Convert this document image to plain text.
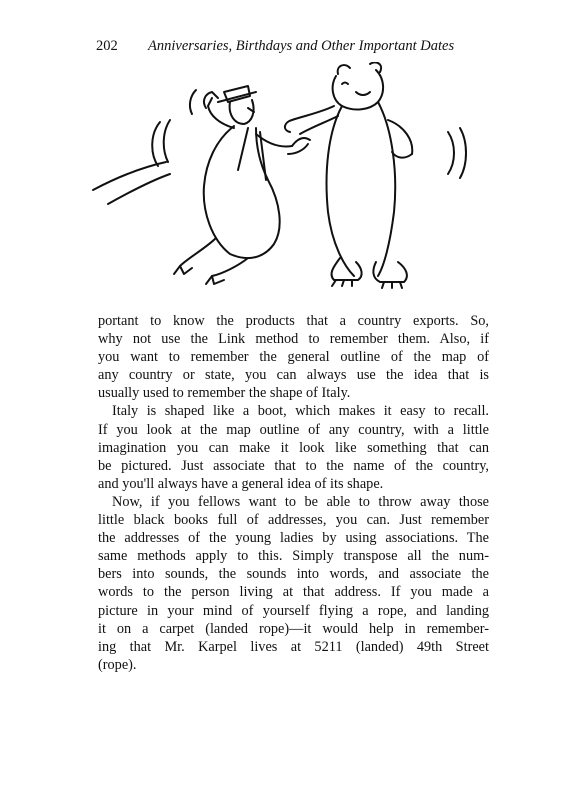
202 Anniversaries, Birthdays and Other Important Dates

portant to know the products that a country exports. So,
why not use the Link method to remember them. Also, if
you want to remember the general outline of the map of
any country or state, you can always use the idea that is
usually used to remember the shape of Italy.

Italy is shaped like a boot, which makes it easy to recall.
If you look at the map outline of any country, with a little
imagination you can make it look like something that can
be pictured. Just associate that to the name of the country,
and you'll always have a general idea of its shape.

Now, if you fellows want to be able to throw away those
little black books full of addresses, you can. Just remember
the addresses of the young ladies by using associations. The
same methods apply to this. Simply transpose all the num-
bers into sounds, the sounds into words, and associate the
words to the person living at that address. If you made a
picture in your mind of yourself flying a rope, and landing
it on a carpet (landed rope)—it would help in remember-
ing that Mr. Karpel lives at 5211 (landed) 49th Street
(rope).
